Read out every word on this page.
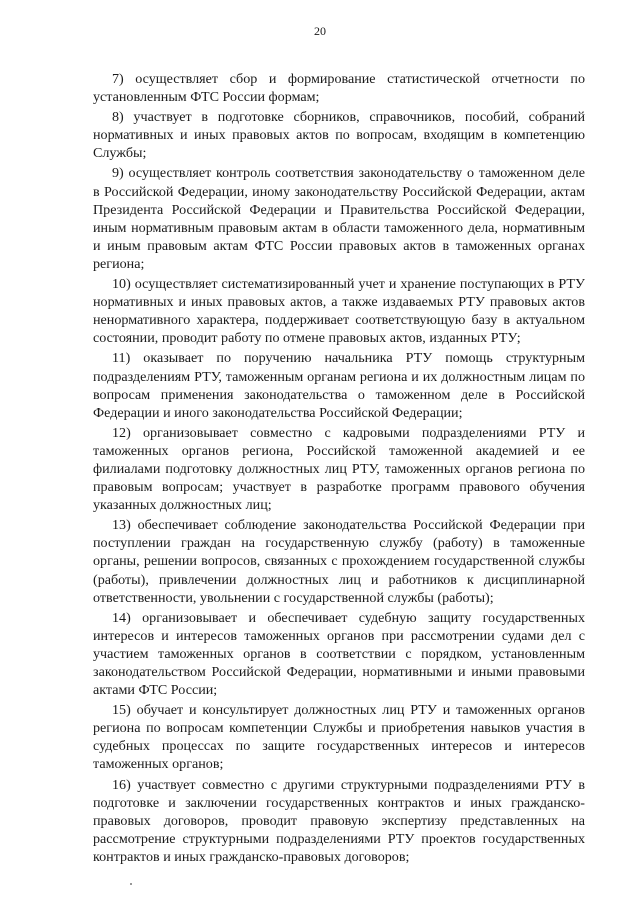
20

7) осуществляет сбор и формирование статистической отчетности по установленным ФТС России формам;

8) участвует в подготовке сборников, справочников, пособий, собраний нормативных и иных правовых актов по вопросам, входящим в компетенцию Службы;

9) осуществляет контроль соответствия законодательству о таможенном деле в Российской Федерации, иному законодательству Российской Федерации, актам Президента Российской Федерации и Правительства Российской Федерации, иным нормативным правовым актам в области таможенного дела, нормативным и иным правовым актам ФТС России правовых актов в таможенных органах региона;

10) осуществляет систематизированный учет и хранение поступающих в РТУ нормативных и иных правовых актов, а также издаваемых РТУ правовых актов ненормативного характера, поддерживает соответствующую базу в актуальном состоянии, проводит работу по отмене правовых актов, изданных РТУ;

11) оказывает по поручению начальника РТУ помощь структурным подразделениям РТУ, таможенным органам региона и их должностным лицам по вопросам применения законодательства о таможенном деле в Российской Федерации и иного законодательства Российской Федерации;

12) организовывает совместно с кадровыми подразделениями РТУ и таможенных органов региона, Российской таможенной академией и ее филиалами подготовку должностных лиц РТУ, таможенных органов региона по правовым вопросам; участвует в разработке программ правового обучения указанных должностных лиц;

13) обеспечивает соблюдение законодательства Российской Федерации при поступлении граждан на государственную службу (работу) в таможенные органы, решении вопросов, связанных с прохождением государственной службы (работы), привлечении должностных лиц и работников к дисциплинарной ответственности, увольнении с государственной службы (работы);

14) организовывает и обеспечивает судебную защиту государственных интересов и интересов таможенных органов при рассмотрении судами дел с участием таможенных органов в соответствии с порядком, установленным законодательством Российской Федерации, нормативными и иными правовыми актами ФТС России;

15) обучает и консультирует должностных лиц РТУ и таможенных органов региона по вопросам компетенции Службы и приобретения навыков участия в судебных процессах по защите государственных интересов и интересов таможенных органов;

16) участвует совместно с другими структурными подразделениями РТУ в подготовке и заключении государственных контрактов и иных гражданско-правовых договоров, проводит правовую экспертизу представленных на рассмотрение структурными подразделениями РТУ проектов государственных контрактов и иных гражданско-правовых договоров;
